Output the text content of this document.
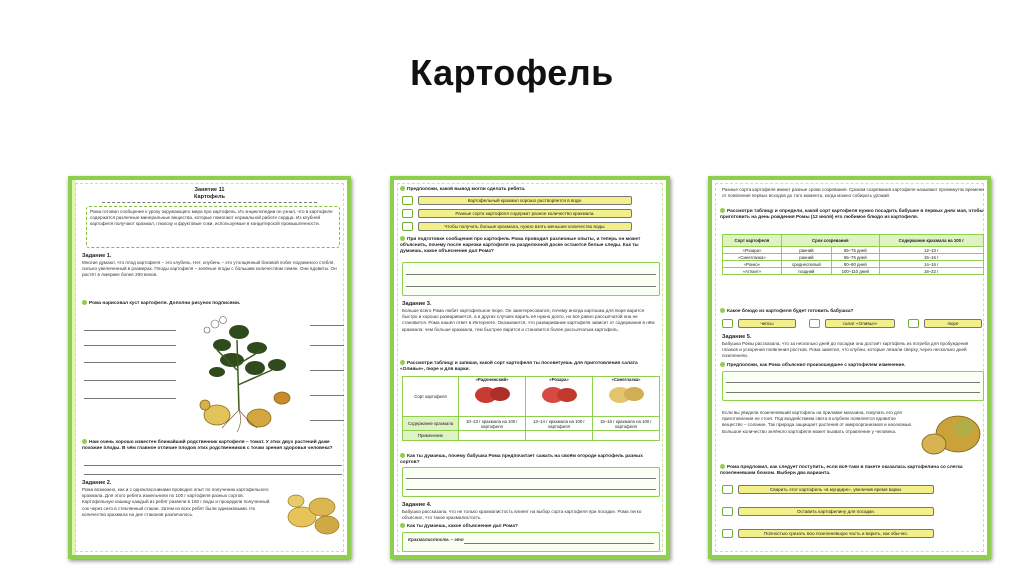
Картофель
Занятие 11
Картофель
Рома готовил сообщение к уроку окружающего мира про картофель. Из энциклопедии он узнал, что в картофеле содержатся различные минеральные вещества, которые помогают нормальной работе сердца. Из клубней картофеля получают крахмал, глюкозу и фруктовые соки, используемые в кондитерской промышленности.
Задание 1.
Многие думают, что плод картофеля – это клубень. Нет, клубень – это утолщённый боковой побег подземного стебля, сильно увеличенный в размерах. Плоды картофеля – зелёные ягоды с большим количеством семян. Они ядовиты. Он растёт в Америке более 200 веков.
Рома нарисовал куст картофеля. Дополни рисунок подписями.
Нам очень хорошо известен ближайший родственник картофеля – томат. У этих двух растений даже похожие плоды. В чём главное отличие плодов этих родственников с точки зрения здоровья человека?
Задание 2.
Рома возможно, как и с одноклассниками проводил опыт по получению картофельного крахмала. Для этого ребята измельчили по 100 г картофеля разных сортов. Картофельную кашицу каждый из ребят развели в 150 г воды и процедили полученный сок через сито в стеклянный стакан. Затем из всех ребят были одинаковыми. Но количество крахмала на дне стаканов различалось.
Предположи, какой вывод могли сделать ребята.
Картофельный крахмал хорошо растворяется в воде.
Разные сорта картофеля содержат разное количество крахмала.
Чтобы получить больше крахмала, нужно взять меньшее количество воды.
При подготовке сообщения про картофель Рома проводил различные опыты, и теперь он может объяснить, почему после нарезки картофеля на разделочной доске остаются белые следы. Как ты думаешь, какое объяснение дал Рома?
Задание 3.
Больше всего Рома любит картофельное пюре. Он заинтересовался, почему иногда картошка для пюре варится быстро и хорошо разваривается, а в других случаях варить её нужно долго, но всё равно рассыпчатой она не становится. Рома нашёл ответ в Интернете. Оказывается, что разваривание картофеля зависит от содержания в нём крахмала: чем больше крахмала, тем быстрее варится и становится более рассыпчатым картофель.
Рассмотри таблицу и запиши, какой сорт картофеля ты посоветуешь для приготовления салата «Оливье», пюре и для варки.
Сорт картофеля	«Радонежский»	«Розара»	«Синеглазка»

Содержание крахмала	10–13 г крахмала на 100 г картофеля	13–14 г крахмала на 100 г картофеля	15–16 г крахмала на 100 г картофеля
Применение			
Как ты думаешь, почему бабушка Рома предпочитает сажать на своём огороде картофель разных сортов?
Задание 4.
Бабушка рассказала, что не только крахмалистость влияет на выбор сорта картофеля при посадке. Рома легко объяснил, что такое крахмалистость.
Как ты думаешь, какое объяснение дал Рома?
Крахмалистость – это
Разные сорта картофеля имеют разные сроки созревания. Сроком созревания картофеля называют промежуток времени от появления первых всходов до того момента, когда можно собирать урожай.
Рассмотри таблицу и определи, какой сорт картофеля нужно посадить бабушке в первых днях мая, чтобы приготовить на день рождения Ромы (12 июля) его любимое блюдо из картофеля.
Сорт картофеля	Срок созревания		Содержание крахмала на 100 г
«Розара»	ранний	65–75 дней	12–13 г
«Синеглазка»	ранний	65–75 дней	15–16 г
«Ронко»	среднеспелый	80–90 дней	14–16 г
«Атлант»	поздний	100–110 дней	16–22 г
Какое блюдо из картофеля будет готовить бабушка?
чипсы	салат «Оливье»	пюре
Задание 5.
Бабушка Ромы рассказала, что за несколько дней до посадки она достаёт картофель из погреба для пробуждения глазков и ускорения появления ростков. Рома заметил, что клубни, которые лежали сверху, через несколько дней позеленели.
Предположи, как Рома объяснил произошедшее с картофелем изменение.
Если вы увидели позеленевший картофель на прилавке магазина, покупать его для приготовления не стоит. Под воздействием света в клубнях появляется ядовитое вещество – соланин. Так природа защищает растения от микроорганизмов и насекомых. Большое количество зелёного картофеля может вызвать отравление у человека.
Рома предложил, как следует поступить, если всё-таки в пакете оказалась картофелина со слегка позеленевшим бочком. Выбери два варианта.
Сварить этот картофель «в мундире», увеличив время варки.
Оставить картофелину для посадки.
Полностью срезать всю позеленевшую часть и варить, как обычно.
